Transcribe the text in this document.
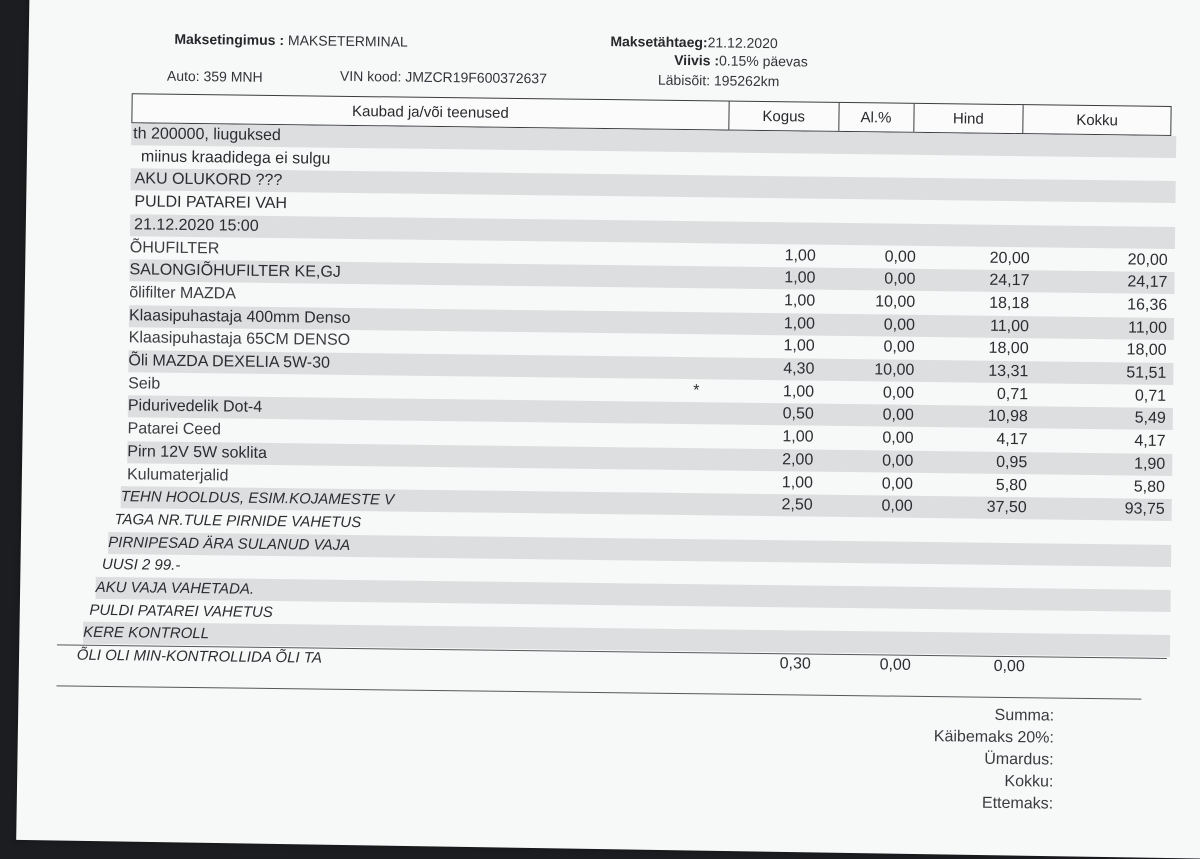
Maksetingimus : MAKSETERMINAL	Maksetähtaeg:21.12.2020
Viivis :0.15% päevas
Auto: 359 MNH	VIN kood: JMZCR19F600372637	Läbisõit: 195262km
Kaubad ja/või teenused	Kogus	Al.%	Hind	Kokku
th 200000, liuguksed
miinus kraadidega ei sulgu
AKU OLUKORD ???
PULDI PATAREI VAH
21.12.2020 15:00
ÕHUFILTER	1,00	0,00	20,00	20,00
SALONGIÕHUFILTER KE,GJ	1,00	0,00	24,17	24,17
õlifilter MAZDA	1,00	10,00	18,18	16,36
Klaasipuhastaja 400mm Denso	1,00	0,00	11,00	11,00
Klaasipuhastaja 65CM DENSO	1,00	0,00	18,00	18,00
Õli MAZDA DEXELIA 5W-30	4,30	10,00	13,31	51,51
Seib	*	1,00	0,00	0,71	0,71
Pidurivedelik Dot-4	0,50	0,00	10,98	5,49
Patarei Ceed	1,00	0,00	4,17	4,17
Pirn 12V 5W soklita	2,00	0,00	0,95	1,90
Kulumaterjalid	1,00	0,00	5,80	5,80
TEHN HOOLDUS, ESIM.KOJAMESTE V	2,50	0,00	37,50	93,75
TAGA NR.TULE PIRNIDE VAHETUS
PIRNIPESAD ÄRA SULANUD VAJA
UUSI 2 99.-
AKU VAJA VAHETADA.
PULDI PATAREI VAHETUS
KERE KONTROLL
ÕLI OLI MIN-KONTROLLIDA ÕLI TA	0,30	0,00	0,00
Summa:
Käibemaks 20%:
Ümardus:
Kokku:
Ettemaks:
